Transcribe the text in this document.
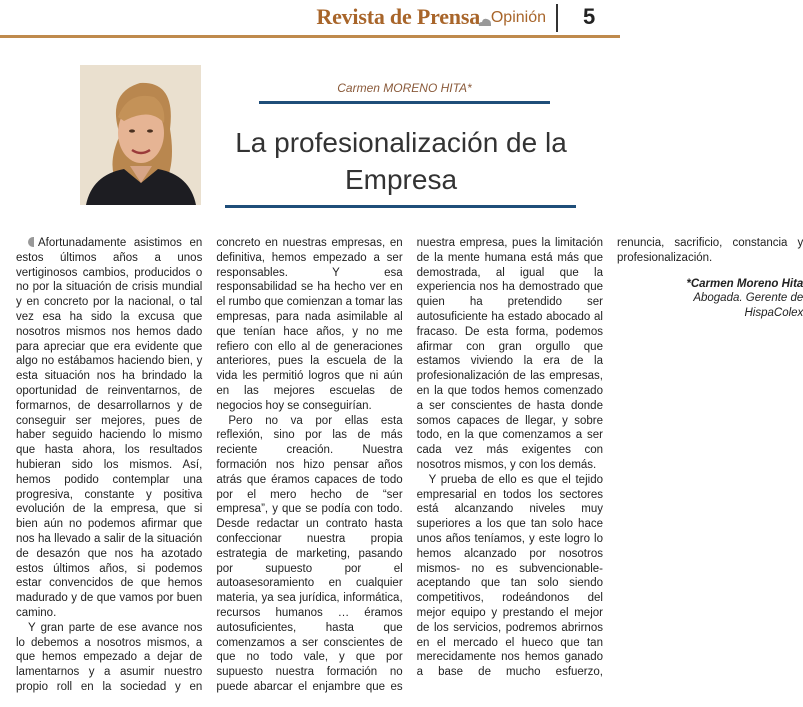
Revista de Prensa Opinión 5
Carmen MORENO HITA*
La profesionalización de la Empresa

Afortunadamente asistimos en estos últimos años a unos vertiginosos cambios, producidos o no por la situación de crisis mundial y en concreto por la nacional, o tal vez esa ha sido la excusa que nosotros mismos nos hemos dado para apreciar que era evidente que algo no estábamos haciendo bien, y esta situación nos ha brindado la oportunidad de reinventarnos, de formarnos, de desarrollarnos y de conseguir ser mejores, pues de haber seguido haciendo lo mismo que hasta ahora, los resultados hubieran sido los mismos. Así, hemos podido contemplar una progresiva, constante y positiva evolución de la empresa, que si bien aún no podemos afirmar que nos ha llevado a salir de la situación de desazón que nos ha azotado estos últimos años, si podemos estar convencidos de que hemos madurado y de que vamos por buen camino.

Y gran parte de ese avance nos lo debemos a nosotros mismos, a que hemos empezado a dejar de lamentarnos y a asumir nuestro propio roll en la sociedad y en concreto en nuestras empresas, en definitiva, hemos empezado a ser responsables. Y esa responsabilidad se ha hecho ver en el rumbo que comienzan a tomar las empresas, para nada asimilable al que tenían hace años, y no me refiero con ello al de generaciones anteriores, pues la escuela de la vida les permitió logros que ni aún en las mejores escuelas de negocios hoy se conseguirían.

Pero no va por ellas esta reflexión, sino por las de más reciente creación. Nuestra formación nos hizo pensar años atrás que éramos capaces de todo por el mero hecho de “ser empresa”, y que se podía con todo. Desde redactar un contrato hasta confeccionar nuestra propia estrategia de marketing, pasando por supuesto por el autoasesoramiento en cualquier materia, ya sea jurídica, informática, recursos humanos … éramos autosuficientes, hasta que comenzamos a ser conscientes de que no todo vale, y que por supuesto nuestra formación no puede abarcar el enjambre que es nuestra empresa, pues la limitación de la mente humana está más que demostrada, al igual que la experiencia nos ha demostrado que quien ha pretendido ser autosuficiente ha estado abocado al fracaso. De esta forma, podemos afirmar con gran orgullo que estamos viviendo la era de la profesionalización de las empresas, en la que todos hemos comenzado a ser conscientes de hasta donde somos capaces de llegar, y sobre todo, en la que comenzamos a ser cada vez más exigentes con nosotros mismos, y con los demás.

Y prueba de ello es que el tejido empresarial en todos los sectores está alcanzando niveles muy superiores a los que tan solo hace unos años teníamos, y este logro lo hemos alcanzado por nosotros mismos- no es subvencionable- aceptando que tan solo siendo competitivos, rodeándonos del mejor equipo y prestando el mejor de los servicios, podremos abrirnos en el mercado el hueco que tan merecidamente nos hemos ganado a base de mucho esfuerzo, renuncia, sacrificio, constancia y profesionalización.

*Carmen Moreno Hita
Abogada. Gerente de
HispaColex
